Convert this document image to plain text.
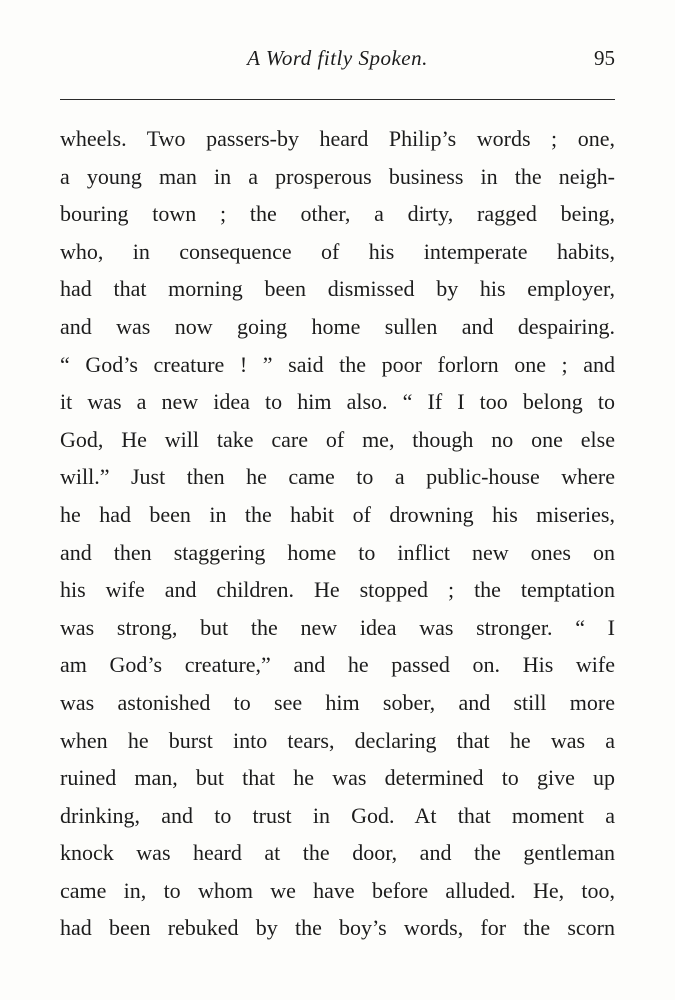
A Word fitly Spoken.	95
wheels. Two passers-by heard Philip’s words ; one,
a young man in a prosperous business in the neigh-
bouring town ; the other, a dirty, ragged being,
who, in consequence of his intemperate habits,
had that morning been dismissed by his employer,
and was now going home sullen and despairing.
“ God’s creature ! ” said the poor forlorn one ; and
it was a new idea to him also. “ If I too belong to
God, He will take care of me, though no one else
will.” Just then he came to a public-house where
he had been in the habit of drowning his miseries,
and then staggering home to inflict new ones on
his wife and children. He stopped ; the temptation
was strong, but the new idea was stronger. “ I
am God’s creature,” and he passed on. His wife
was astonished to see him sober, and still more
when he burst into tears, declaring that he was a
ruined man, but that he was determined to give up
drinking, and to trust in God. At that moment a
knock was heard at the door, and the gentleman
came in, to whom we have before alluded. He, too,
had been rebuked by the boy’s words, for the scorn
